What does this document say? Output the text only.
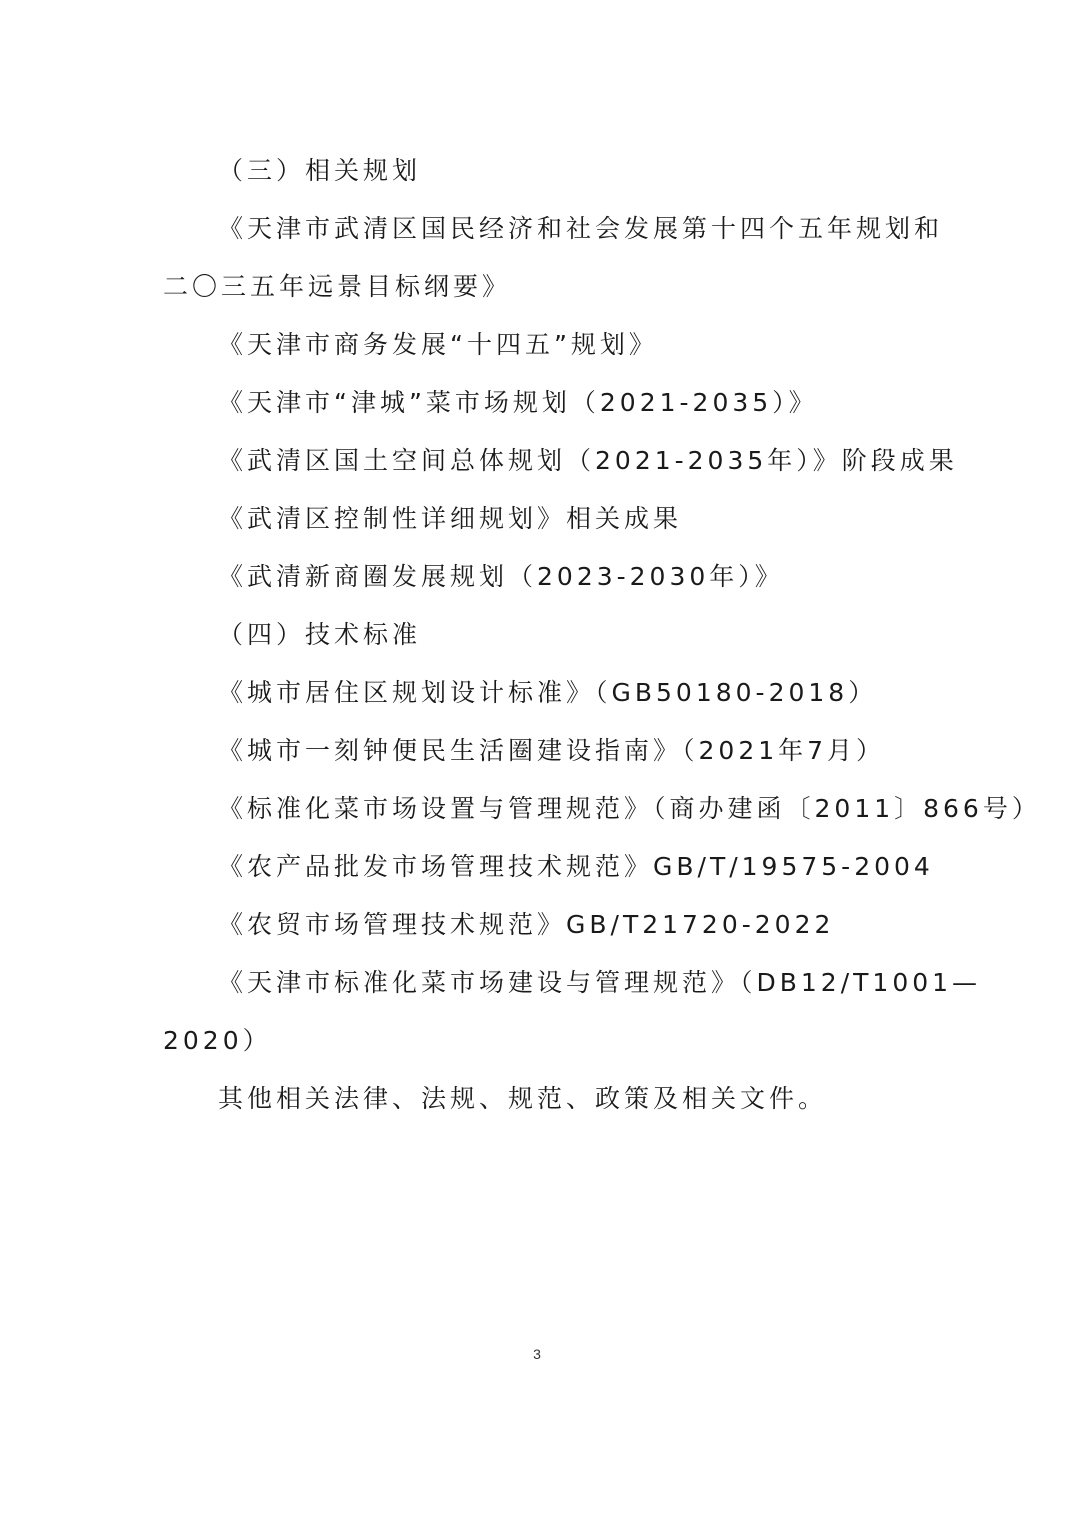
（三）相关规划
《天津市武清区国民经济和社会发展第十四个五年规划和
二〇三五年远景目标纲要》
《天津市商务发展“十四五”规划》
《天津市“津城”菜市场规划（2021-2035）》
《武清区国土空间总体规划（2021-2035年）》阶段成果
《武清区控制性详细规划》相关成果
《武清新商圈发展规划（2023-2030年）》
（四）技术标准
《城市居住区规划设计标准》（GB50180-2018）
《城市一刻钟便民生活圈建设指南》（2021年7月）
《标准化菜市场设置与管理规范》（商办建函〔2011〕866号）
《农产品批发市场管理技术规范》GB/T/19575-2004
《农贸市场管理技术规范》GB/T21720-2022
《天津市标准化菜市场建设与管理规范》（DB12/T1001—
2020）
其他相关法律、法规、规范、政策及相关文件。
3
